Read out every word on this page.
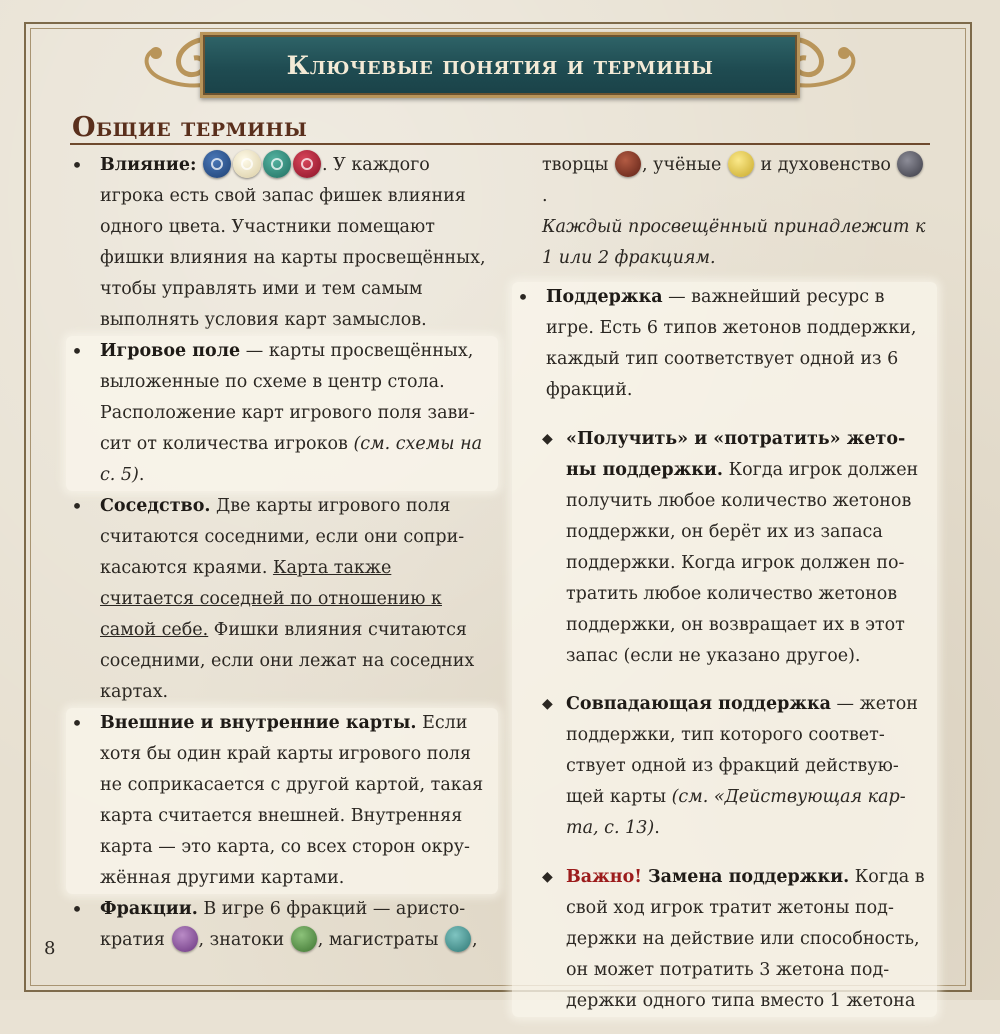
Ключевые понятия и термины
Общие термины

• Влияние:	. У каждого игрока есть свой запас фишек влияния одного цвета. Участники помещают фишки влияния на карты просвещённых, чтобы управлять ими и тем самым выполнять условия карт замыслов.

• Игровое поле — карты просвещённых, выложенные по схеме в центр стола. Расположение карт игрового поля зависит от количества игроков (см. схемы на с. 5).

• Соседство. Две карты игрового поля считаются соседними, если они соприкасаются краями. Карта также считается соседней по отношению к самой себе. Фишки влияния считаются соседними, если они лежат на соседних картах.

• Внешние и внутренние карты. Если хотя бы один край карты игрового поля не соприкасается с другой картой, такая карта считается внешней. Внутренняя карта — это карта, со всех сторон окружённая другими картами.

• Фракции. В игре 6 фракций — аристократия , знатоки , магистраты ,

творцы , учёные  и духовенство .
Каждый просвещённый принадлежит к 1 или 2 фракциям.

• Поддержка — важнейший ресурс в игре. Есть 6 типов жетонов поддержки, каждый тип соответствует одной из 6 фракций.

◆ «Получить» и «потратить» жетоны поддержки. Когда игрок должен получить любое количество жетонов поддержки, он берёт их из запаса поддержки. Когда игрок должен потратить любое количество жетонов поддержки, он возвращает их в этот запас (если не указано другое).

◆ Совпадающая поддержка — жетон поддержки, тип которого соответствует одной из фракций действующей карты (см. «Действующая карта, с. 13).

◆ Важно! Замена поддержки. Когда в свой ход игрок тратит жетоны поддержки на действие или способность, он может потратить 3 жетона поддержки одного типа вместо 1 жетона

8
